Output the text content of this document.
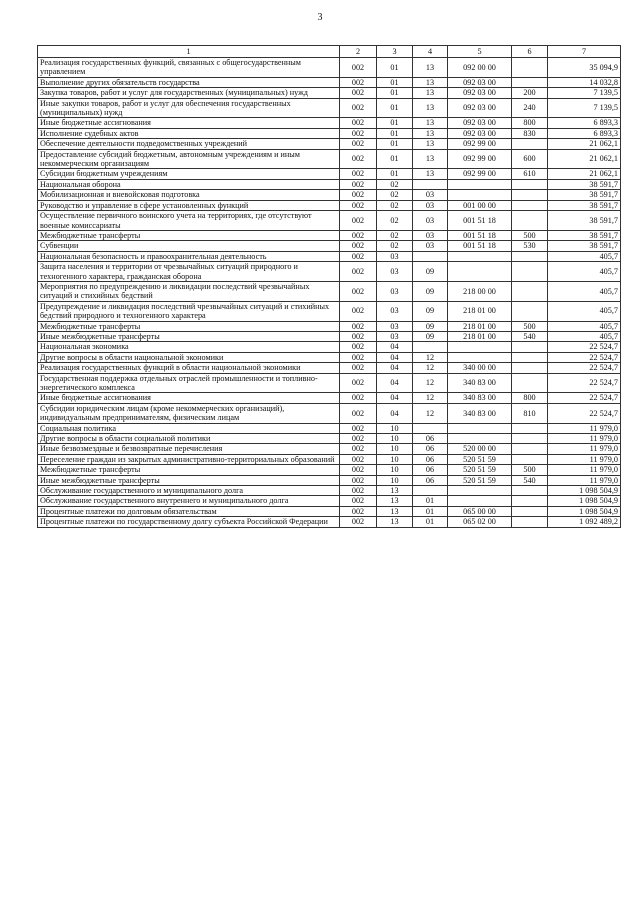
3
1	2	3	4	5	6	7
Реализация государственных функций, связанных с общегосударственным управлением	002	01	13	092 00 00		35 094,9
Выполнение других обязательств государства	002	01	13	092 03 00		14 032,8
Закупка товаров, работ и услуг для государственных (муниципальных) нужд	002	01	13	092 03 00	200	7 139,5
Иные закупки товаров, работ и услуг для обеспечения государственных (муниципальных) нужд	002	01	13	092 03 00	240	7 139,5
Иные бюджетные ассигнования	002	01	13	092 03 00	800	6 893,3
Исполнение судебных актов	002	01	13	092 03 00	830	6 893,3
Обеспечение деятельности подведомственных учреждений	002	01	13	092 99 00		21 062,1
Предоставление субсидий бюджетным, автономным учреждениям и иным некоммерческим организациям	002	01	13	092 99 00	600	21 062,1
Субсидии бюджетным учреждениям	002	01	13	092 99 00	610	21 062,1
Национальная оборона	002	02				38 591,7
Мобилизационная и вневойсковая подготовка	002	02	03			38 591,7
Руководство и управление в сфере установленных функций	002	02	03	001 00 00		38 591,7
Осуществление первичного воинского учета на территориях, где отсутствуют военные комиссариаты	002	02	03	001 51 18		38 591,7
Межбюджетные трансферты	002	02	03	001 51 18	500	38 591,7
Субвенции	002	02	03	001 51 18	530	38 591,7
Национальная безопасность и правоохранительная деятельность	002	03				405,7
Защита населения и территории от чрезвычайных ситуаций природного и техногенного характера, гражданская оборона	002	03	09			405,7
Мероприятия по предупреждению и ликвидации последствий чрезвычайных ситуаций и стихийных бедствий	002	03	09	218 00 00		405,7
Предупреждение и ликвидация последствий чрезвычайных ситуаций и стихийных бедствий природного и техногенного характера	002	03	09	218 01 00		405,7
Межбюджетные трансферты	002	03	09	218 01 00	500	405,7
Иные межбюджетные трансферты	002	03	09	218 01 00	540	405,7
Национальная экономика	002	04				22 524,7
Другие вопросы в области национальной экономики	002	04	12			22 524,7
Реализация государственных функций в области национальной экономики	002	04	12	340 00 00		22 524,7
Государственная поддержка отдельных отраслей промышленности и топливно-энергетического комплекса	002	04	12	340 83 00		22 524,7
Иные бюджетные ассигнования	002	04	12	340 83 00	800	22 524,7
Субсидии юридическим лицам (кроме некоммерческих организаций), индивидуальным предпринимателям, физическим лицам	002	04	12	340 83 00	810	22 524,7
Социальная политика	002	10				11 979,0
Другие вопросы в области социальной политики	002	10	06			11 979,0
Иные безвозмездные и безвозвратные перечисления	002	10	06	520 00 00		11 979,0
Переселение граждан из закрытых административно-территориальных образований	002	10	06	520 51 59		11 979,0
Межбюджетные трансферты	002	10	06	520 51 59	500	11 979,0
Иные межбюджетные трансферты	002	10	06	520 51 59	540	11 979,0
Обслуживание государственного и муниципального долга	002	13				1 098 504,9
Обслуживание государственного внутреннего и муниципального долга	002	13	01			1 098 504,9
Процентные платежи по долговым обязательствам	002	13	01	065 00 00		1 098 504,9
Процентные платежи по государственному долгу субъекта Российской Федерации	002	13	01	065 02 00		1 092 489,2
